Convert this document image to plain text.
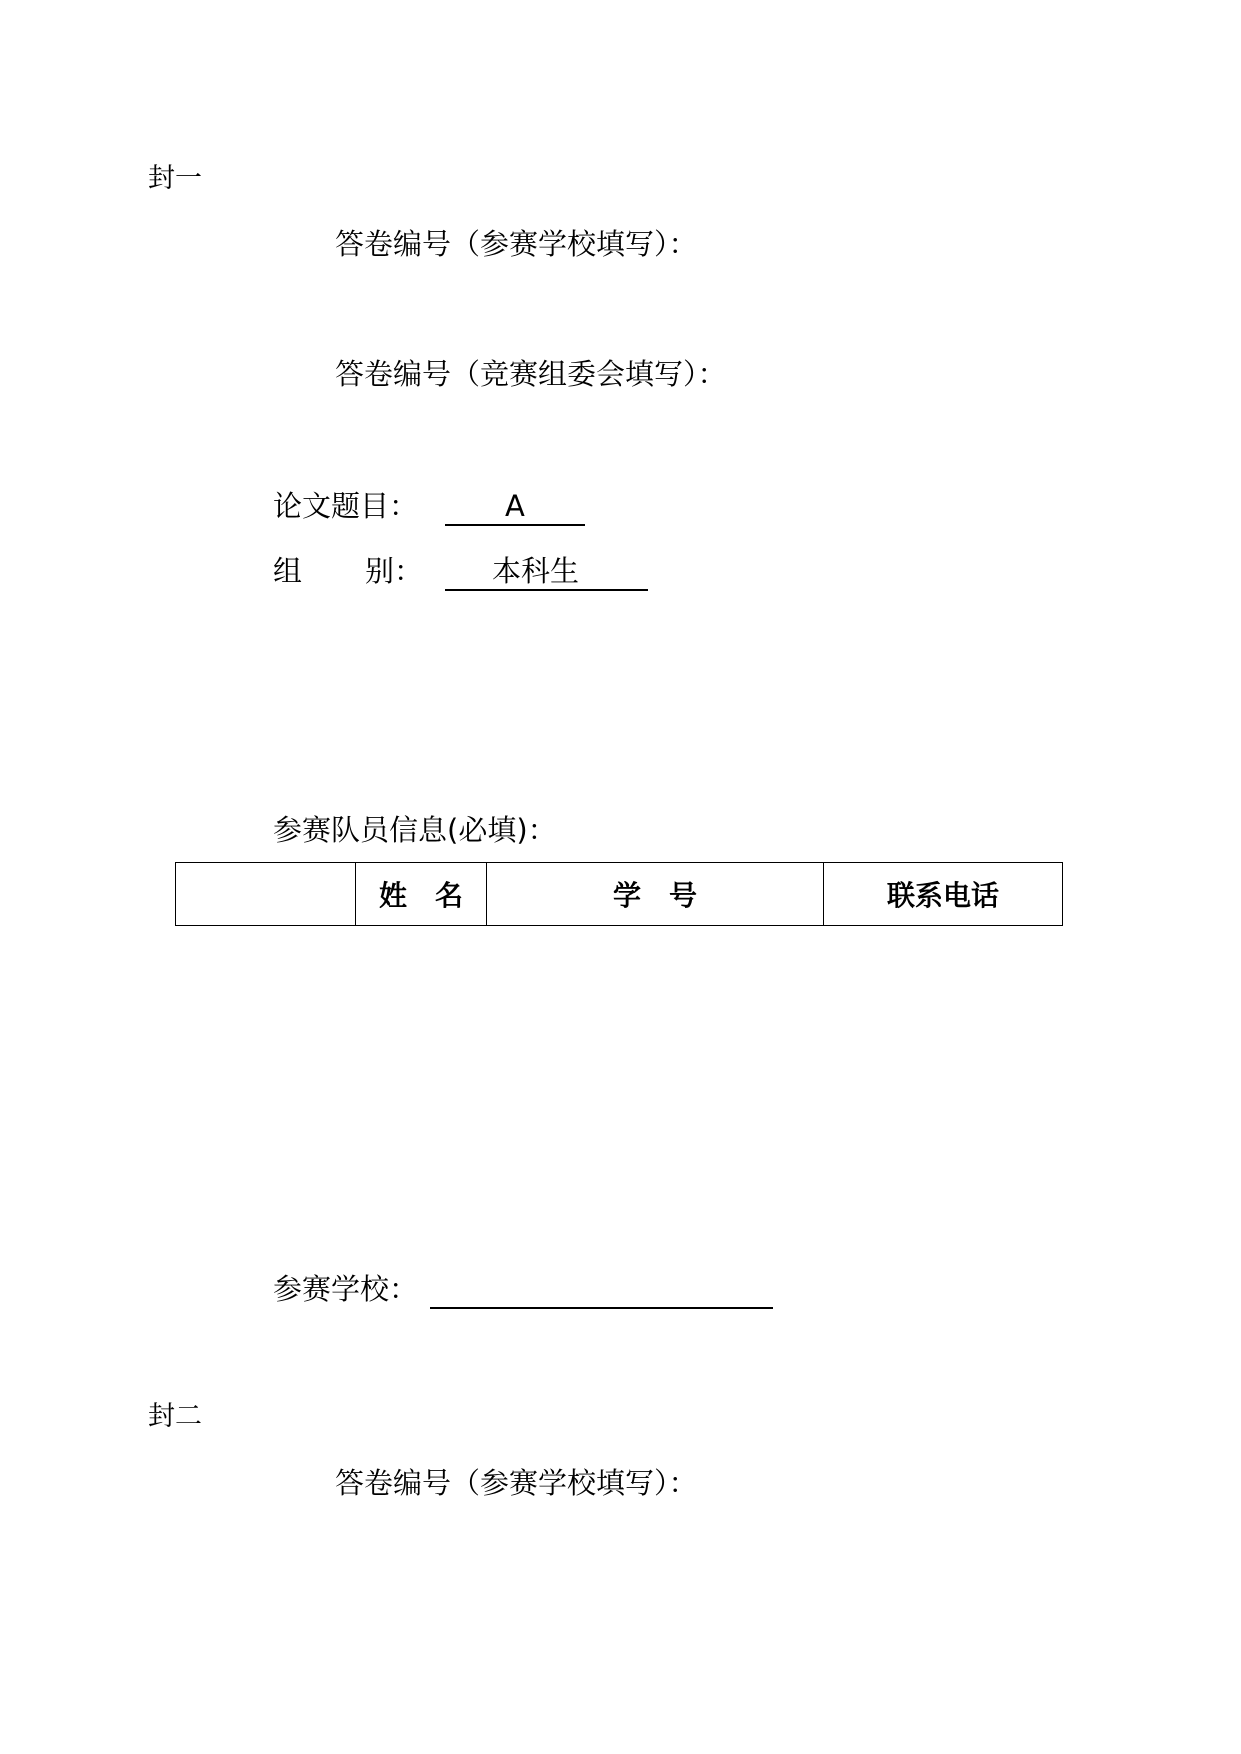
封一
答卷编号（参赛学校填写）：
答卷编号（竞赛组委会填写）：
论文题目：	A
组 别： 本科生
参赛队员信息(必填)：
	姓　名	学　号	联系电话
参赛学校：
封二
答卷编号（参赛学校填写）：
